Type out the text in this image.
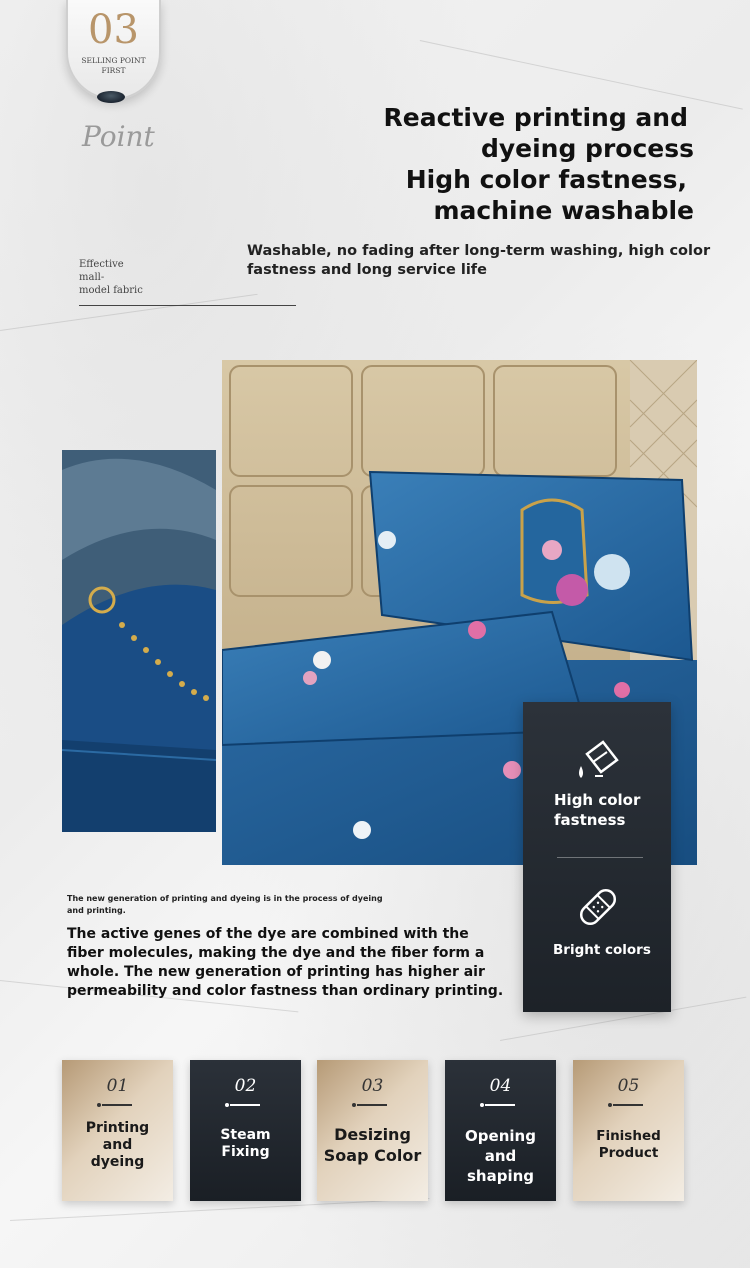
03
SELLING POINT
FIRST
Point
Reactive printing and
dyeing process
High color fastness,
machine washable
Washable, no fading after long-term washing, high color fastness and long service life
Effective
mall-
model fabric
High color
fastness
Bright colors
The new generation of printing and dyeing is in the process of dyeing and printing.
The active genes of the dye are combined with the fiber molecules, making the dye and the fiber form a whole. The new generation of printing has higher air permeability and color fastness than ordinary printing.
01
Printing
and
dyeing
02
Steam
Fixing
03
Desizing
Soap Color
04
Opening
and shaping
05
Finished
Product
